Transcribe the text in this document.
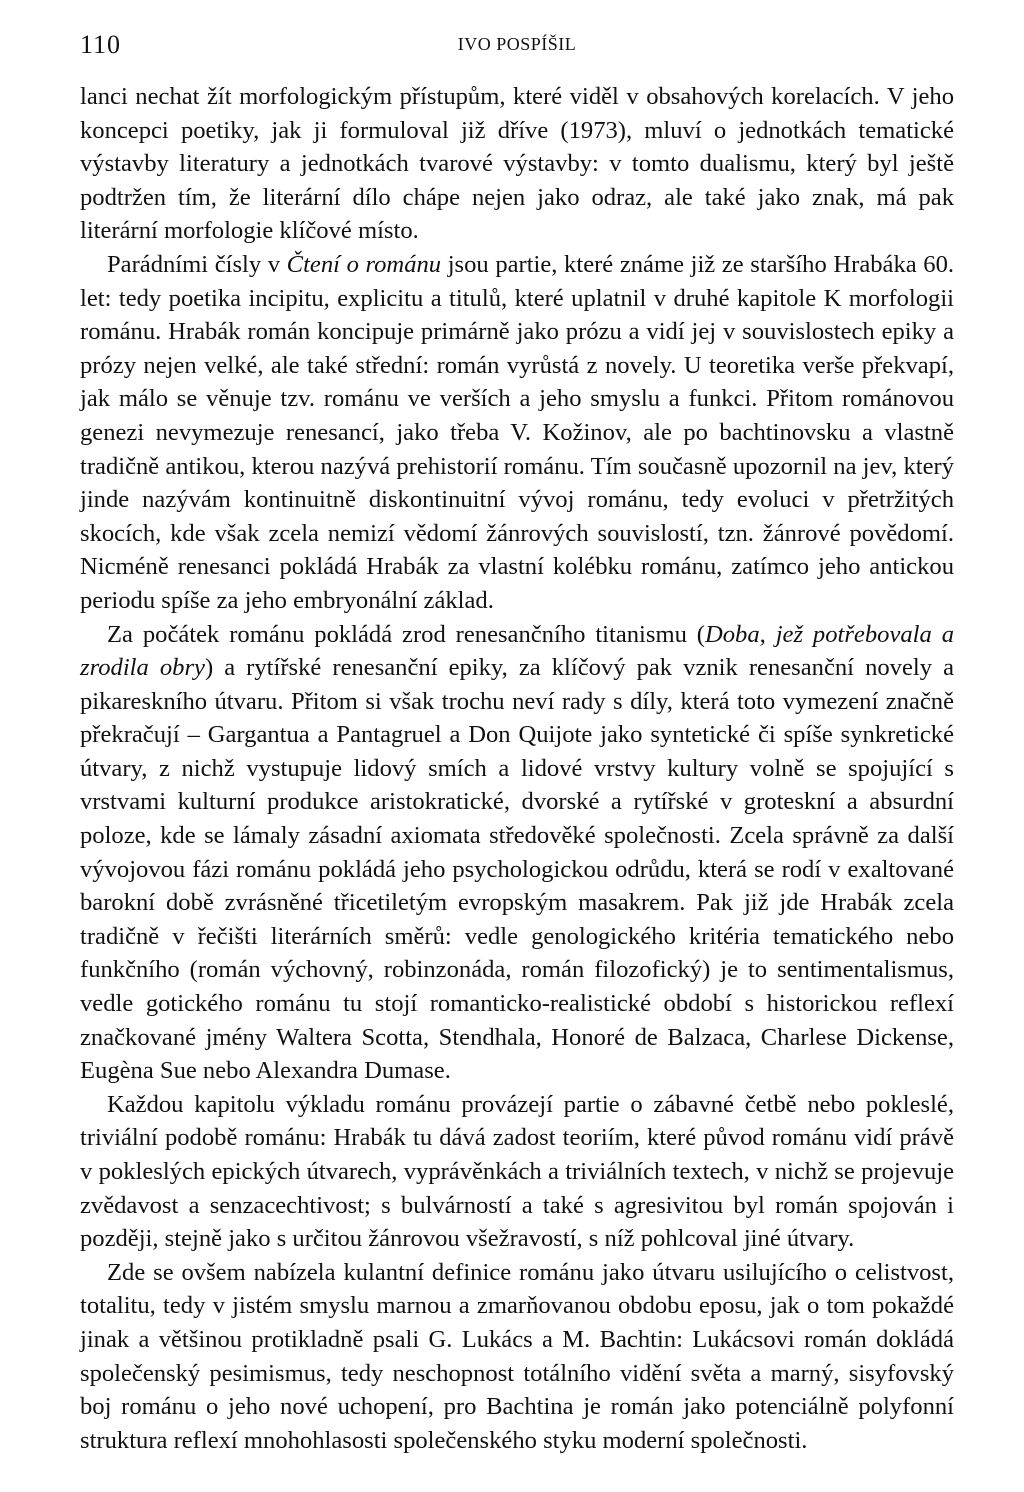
110	IVO POSPÍŠIL

lanci nechat žít morfologickým přístupům, které viděl v obsahových korelacích. V jeho koncepci poetiky, jak ji formuloval již dříve (1973), mluví o jednotkách tematické výstavby literatury a jednotkách tvarové výstavby: v tomto dualismu, který byl ještě podtržen tím, že literární dílo chápe nejen jako odraz, ale také jako znak, má pak literární morfologie klíčové místo.

Parádními čísly v Čtení o románu jsou partie, které známe již ze staršího Hrabáka 60. let: tedy poetika incipitu, explicitu a titulů, které uplatnil v druhé kapitole K morfologii románu. Hrabák román koncipuje primárně jako prózu a vidí jej v souvislostech epiky a prózy nejen velké, ale také střední: román vyrůstá z novely. U teoretika verše překvapí, jak málo se věnuje tzv. románu ve verších a jeho smyslu a funkci. Přitom románovou genezi nevymezuje renesancí, jako třeba V. Kožinov, ale po bachtinovsku a vlastně tradičně antikou, kterou nazývá prehistorií románu. Tím současně upozornil na jev, který jinde nazývám kontinuitně diskontinuitní vývoj románu, tedy evoluci v přetržitých skocích, kde však zcela nemizí vědomí žánrových souvislostí, tzn. žánrové povědomí. Nicméně renesanci pokládá Hrabák za vlastní kolébku románu, zatímco jeho antickou periodu spíše za jeho embryonální základ.

Za počátek románu pokládá zrod renesančního titanismu (Doba, jež potřebovala a zrodila obry) a rytířské renesanční epiky, za klíčový pak vznik renesanční novely a pikareskního útvaru. Přitom si však trochu neví rady s díly, která toto vymezení značně překračují – Gargantua a Pantagruel a Don Quijote jako syntetické či spíše synkretické útvary, z nichž vystupuje lidový smích a lidové vrstvy kultury volně se spojující s vrstvami kulturní produkce aristokratické, dvorské a rytířské v groteskní a absurdní poloze, kde se lámaly zásadní axiomata středověké společnosti. Zcela správně za další vývojovou fázi románu pokládá jeho psychologickou odrůdu, která se rodí v exaltované barokní době zvrásněné třicetiletým evropským masakrem. Pak již jde Hrabák zcela tradičně v řečišti literárních směrů: vedle genologického kritéria tematického nebo funkčního (román výchovný, robinzonáda, román filozofický) je to sentimentalismus, vedle gotického románu tu stojí romanticko-realistické období s historickou reflexí značkované jmény Waltera Scotta, Stendhala, Honoré de Balzaca, Charlese Dickense, Eugèna Sue nebo Alexandra Dumase.

Každou kapitolu výkladu románu provázejí partie o zábavné četbě nebo pokleslé, triviální podobě románu: Hrabák tu dává zadost teoriím, které původ románu vidí právě v pokleslých epických útvarech, vyprávěnkách a triviálních textech, v nichž se projevuje zvědavost a senzacechtivost; s bulvárností a také s agresivitou byl román spojován i později, stejně jako s určitou žánrovou všežravostí, s níž pohlcoval jiné útvary.

Zde se ovšem nabízela kulantní definice románu jako útvaru usilujícího o celistvost, totalitu, tedy v jistém smyslu marnou a zmarňovanou obdobu eposu, jak o tom pokaždé jinak a většinou protikladně psali G. Lukács a M. Bachtin: Lukácsovi román dokládá společenský pesimismus, tedy neschopnost totálního vidění světa a marný, sisyfovský boj románu o jeho nové uchopení, pro Bachtina je román jako potenciálně polyfonní struktura reflexí mnohohlasosti společenského styku moderní společnosti.
